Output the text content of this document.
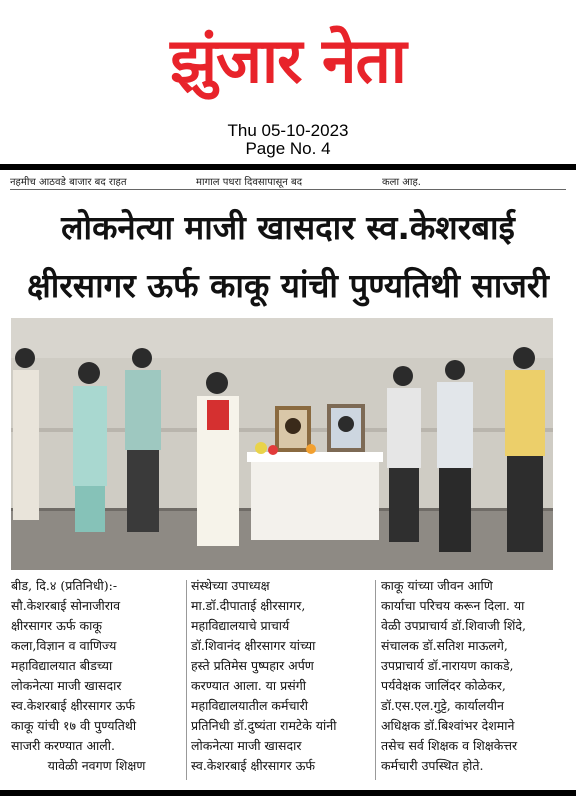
झुंजार नेता
Thu 05-10-2023
Page No. 4
नहमीच आठवडे बाजार बद राहत	मागाल पधरा दिवसापासून बद	कला आह.
लोकनेत्या माजी खासदार स्व.केशरबाई
क्षीरसागर ऊर्फ काकू यांची पुण्यतिथी साजरी
बीड, दि.४ (प्रतिनिधी):-
सौ.केशरबाई सोनाजीराव
क्षीरसागर ऊर्फ काकू
कला,विज्ञान व वाणिज्य
महाविद्यालयात बीडच्या
लोकनेत्या माजी खासदार
स्व.केशरबाई क्षीरसागर ऊर्फ
काकू यांची १७ वी पुण्यतिथी
साजरी करण्यात आली.
यावेळी नवगण शिक्षण
संस्थेच्या उपाध्यक्ष
मा.डॉ.दीपाताई क्षीरसागर,
महाविद्यालयाचे प्राचार्य
डॉ.शिवानंद क्षीरसागर यांच्या
हस्ते प्रतिमेस पुष्पहार अर्पण
करण्यात आला. या प्रसंगी
महाविद्यालयातील कर्मचारी
प्रतिनिधी डॉ.दुष्यंता रामटेके यांनी
लोकनेत्या माजी खासदार
स्व.केशरबाई क्षीरसागर ऊर्फ
काकू यांच्या जीवन आणि
कार्याचा परिचय करून दिला. या
वेळी उपप्राचार्य डॉ.शिवाजी शिंदे,
संचालक डॉ.सतिश माऊलगे,
उपप्राचार्य डॉ.नारायण काकडे,
पर्यवेक्षक जालिंदर कोळेकर,
डॉ.एस.एल.गुट्टे, कार्यालयीन
अधिक्षक डॉ.बिश्वांभर देशमाने
तसेच सर्व शिक्षक व शिक्षकेत्तर
कर्मचारी उपस्थित होते.
